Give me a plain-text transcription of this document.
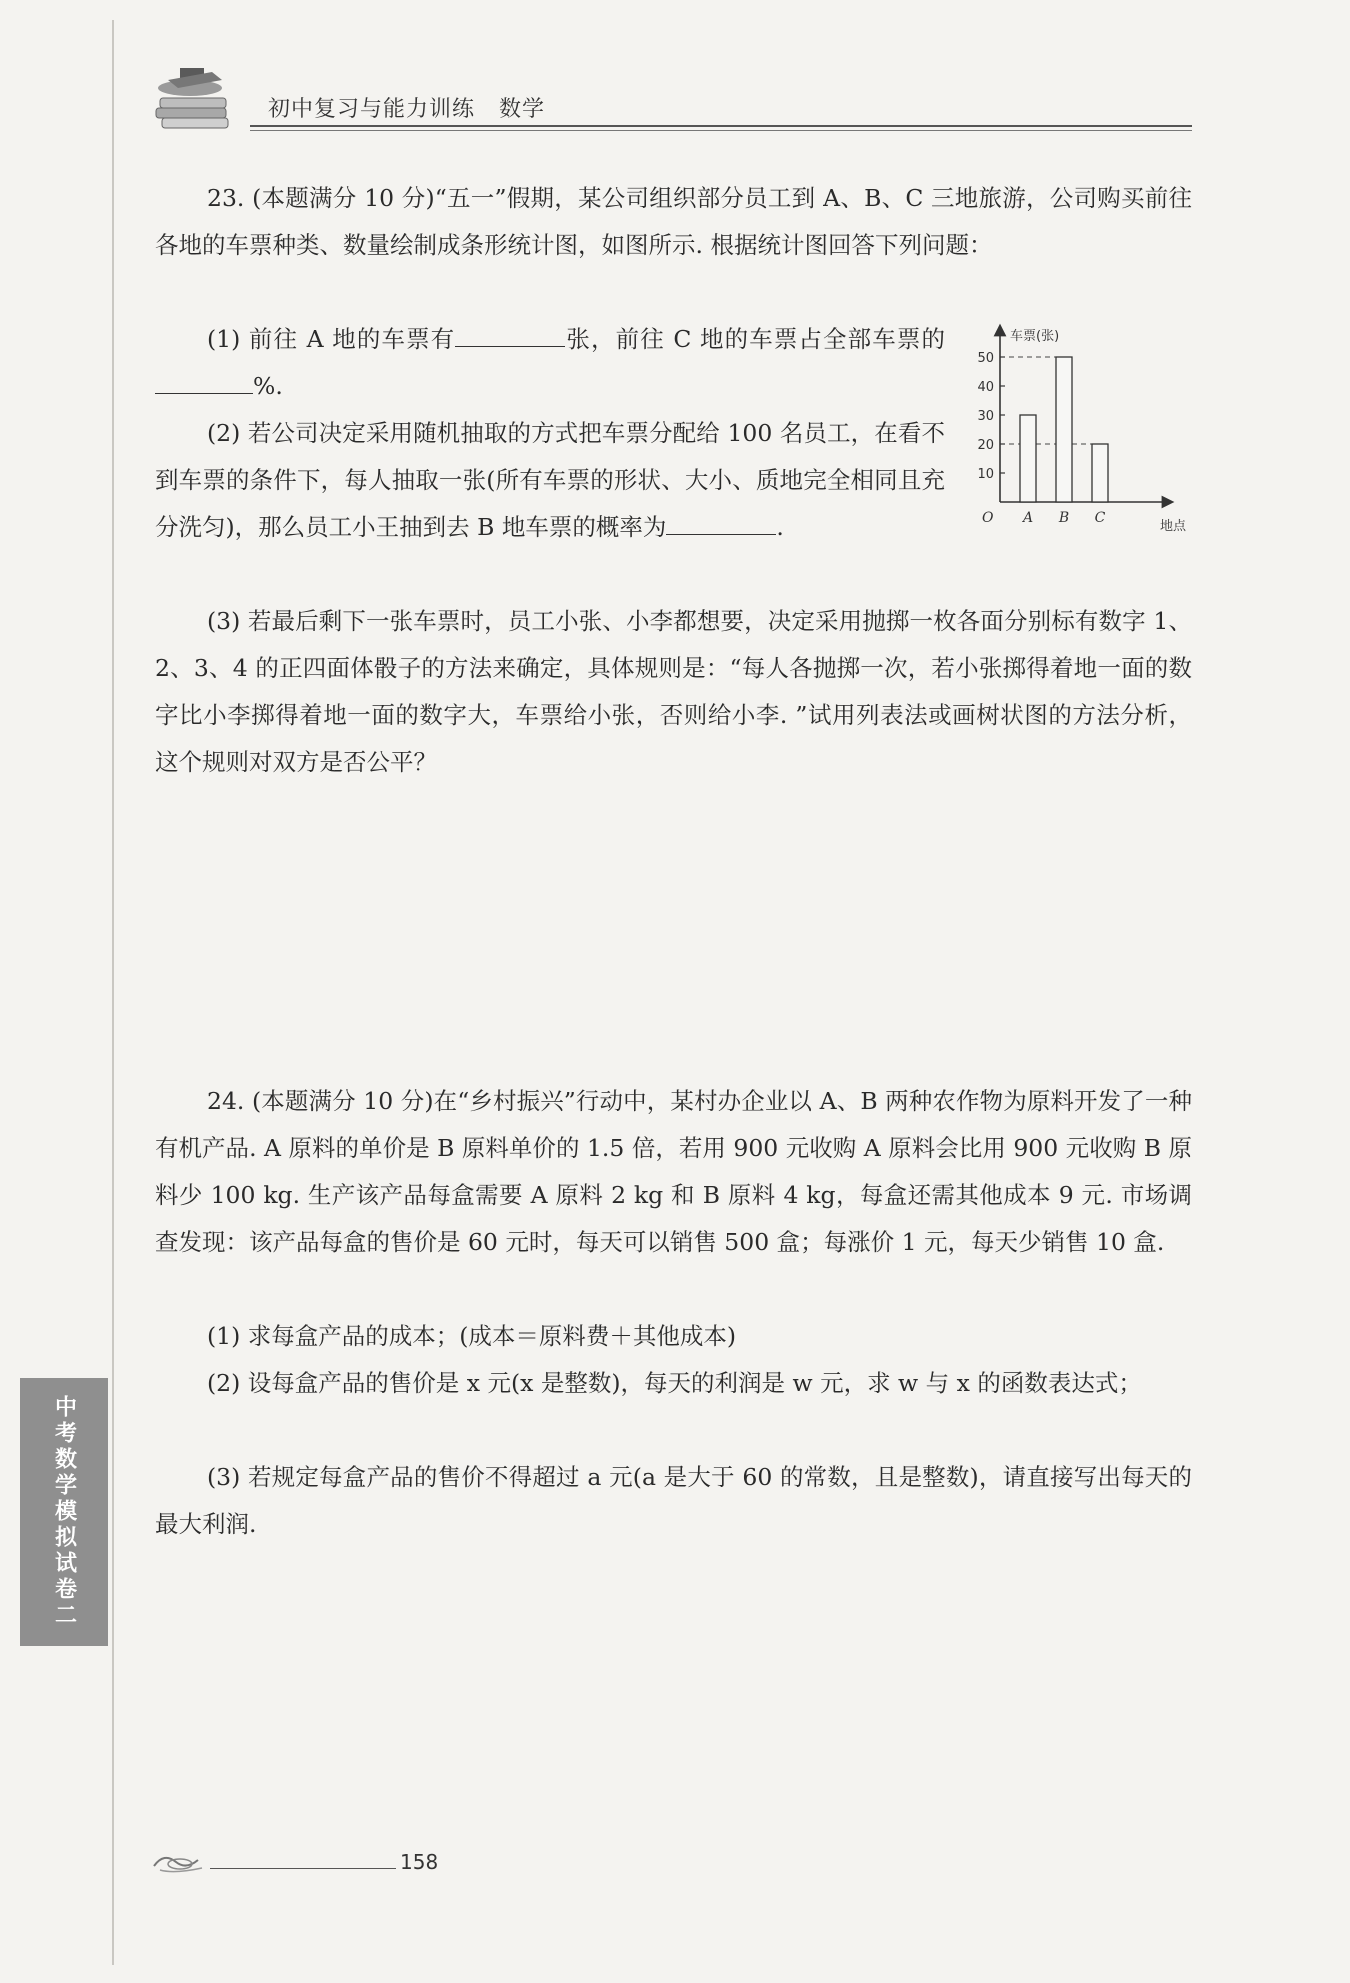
初中复习与能力训练 数学

23. (本题满分 10 分)“五一”假期，某公司组织部分员工到 A、B、C 三地旅游，公司购买前往各地的车票种类、数量绘制成条形统计图，如图所示. 根据统计图回答下列问题：

(1) 前往 A 地的车票有	张，前往 C 地的车票占全部车票的%.

(2) 若公司决定采用随机抽取的方式把车票分配给 100 名员工，在看不到车票的条件下，每人抽取一张(所有车票的形状、大小、质地完全相同且充分洗匀)，那么员工小王抽到去 B 地车票的概率为	.

(3) 若最后剩下一张车票时，员工小张、小李都想要，决定采用抛掷一枚各面分别标有数字 1、2、3、4 的正四面体骰子的方法来确定，具体规则是：“每人各抛掷一次，若小张掷得着地一面的数字比小李掷得着地一面的数字大，车票给小张，否则给小李. ”试用列表法或画树状图的方法分析，这个规则对双方是否公平？

10
20
30
40
50
A B C
车票(张)
地点
O

24. (本题满分 10 分)在“乡村振兴”行动中，某村办企业以 A、B 两种农作物为原料开发了一种有机产品. A 原料的单价是 B 原料单价的 1.5 倍，若用 900 元收购 A 原料会比用 900 元收购 B 原料少 100 kg. 生产该产品每盒需要 A 原料 2 kg 和 B 原料 4 kg，每盒还需其他成本 9 元. 市场调查发现：该产品每盒的售价是 60 元时，每天可以销售 500 盒；每涨价 1 元，每天少销售 10 盒.

(1) 求每盒产品的成本；(成本＝原料费＋其他成本)

(2) 设每盒产品的售价是 x 元(x 是整数)，每天的利润是 w 元，求 w 与 x 的函数表达式；

(3) 若规定每盒产品的售价不得超过 a 元(a 是大于 60 的常数，且是整数)，请直接写出每天的最大利润.

中考数学模拟试卷二
158
